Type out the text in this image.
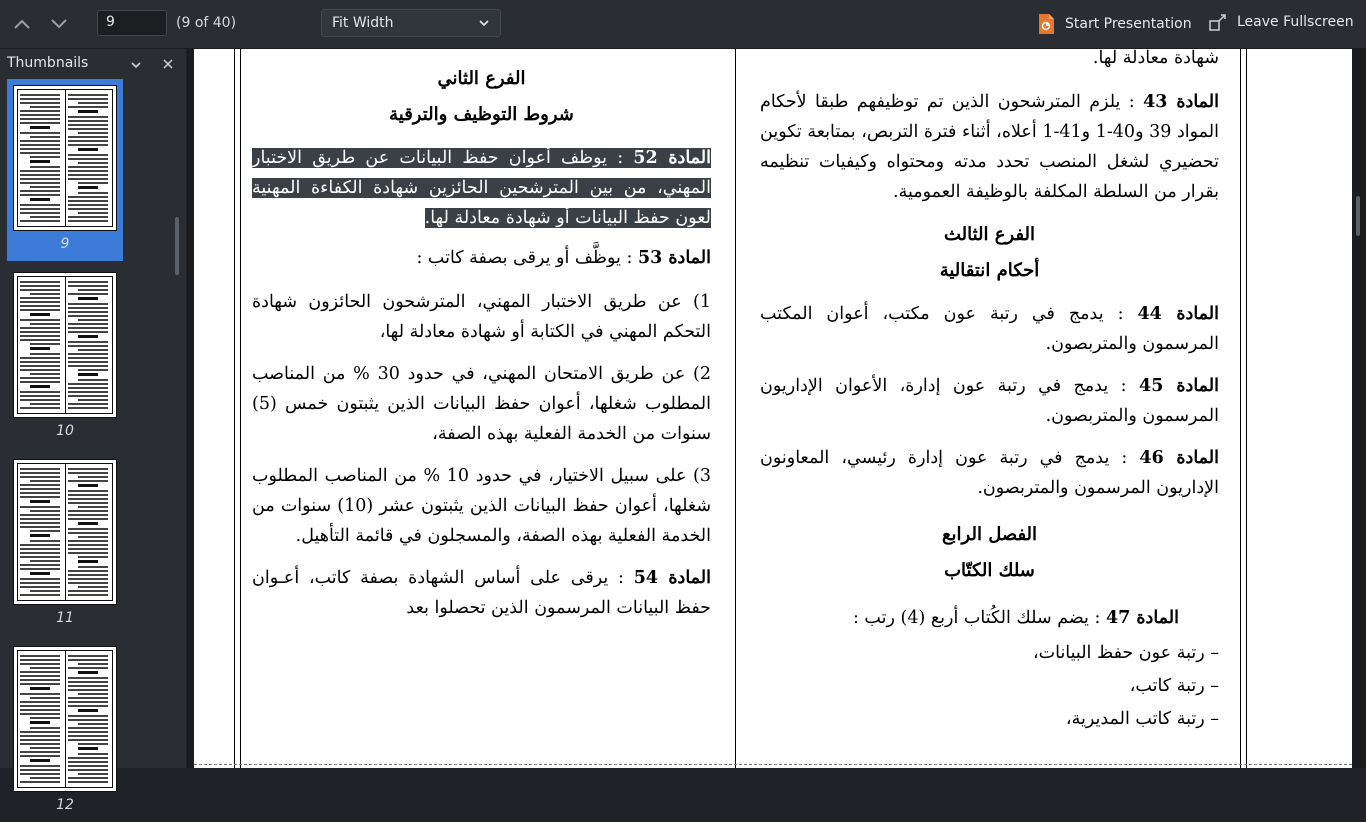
9	(9 of 40)	Fit Width	Start Presentation	Leave Fullscreen
Thumbnails
9
10
11
12

الفرع الثاني

شروط التوظيف والترقية

المادة 52 : يوظف أعوان حفظ البيانات عن طريق الاختبار المهني، من بين المترشحين الحائزين شهادة الكفاءة المهنية لعون حفظ البيانات أو شهادة معادلة لها.

المادة 53 : يوظَّف أو يرقى بصفة كاتب :

1) عن طريق الاختبار المهني، المترشحون الحائزون شهادة التحكم المهني في الكتابة أو شهادة معادلة لها،

2) عن طريق الامتحان المهني، في حدود 30 % من المناصب المطلوب شغلها، أعوان حفظ البيانات الذين يثبتون خمس (5) سنوات من الخدمة الفعلية بهذه الصفة،

3) على سبيل الاختيار، في حدود 10 % من المناصب المطلوب شغلها، أعوان حفظ البيانات الذين يثبتون عشر (10) سنوات من الخدمة الفعلية بهذه الصفة، والمسجلون في قائمة التأهيل.

المادة 54 : يرقى على أساس الشهادة بصفة كاتب، أعـوان حفظ البيانات المرسمون الذين تحصلوا بعد

شهادة معادلة لها.

المادة 43 : يلزم المترشحون الذين تم توظيفهم طبقا لأحكام المواد 39 و40-1 و41-1 أعلاه، أثناء فترة التربص، بمتابعة تكوين تحضيري لشغل المنصب تحدد مدته ومحتواه وكيفيات تنظيمه بقرار من السلطة المكلفة بالوظيفة العمومية.

الفرع الثالث

أحكام انتقالية

المادة 44 : يدمج في رتبة عون مكتب، أعوان المكتب المرسمون والمتربصون.

المادة 45 : يدمج في رتبة عون إدارة، الأعوان الإداريون المرسمون والمتربصون.

المادة 46 : يدمج في رتبة عون إدارة رئيسي، المعاونون الإداريون المرسمون والمتربصون.

الفصل الرابع

سلك الكتّاب

المادة 47 : يضم سلك الكُتاب أربع (4) رتب :

– رتبة عون حفظ البيانات،

– رتبة كاتب،

– رتبة كاتب المديرية،
